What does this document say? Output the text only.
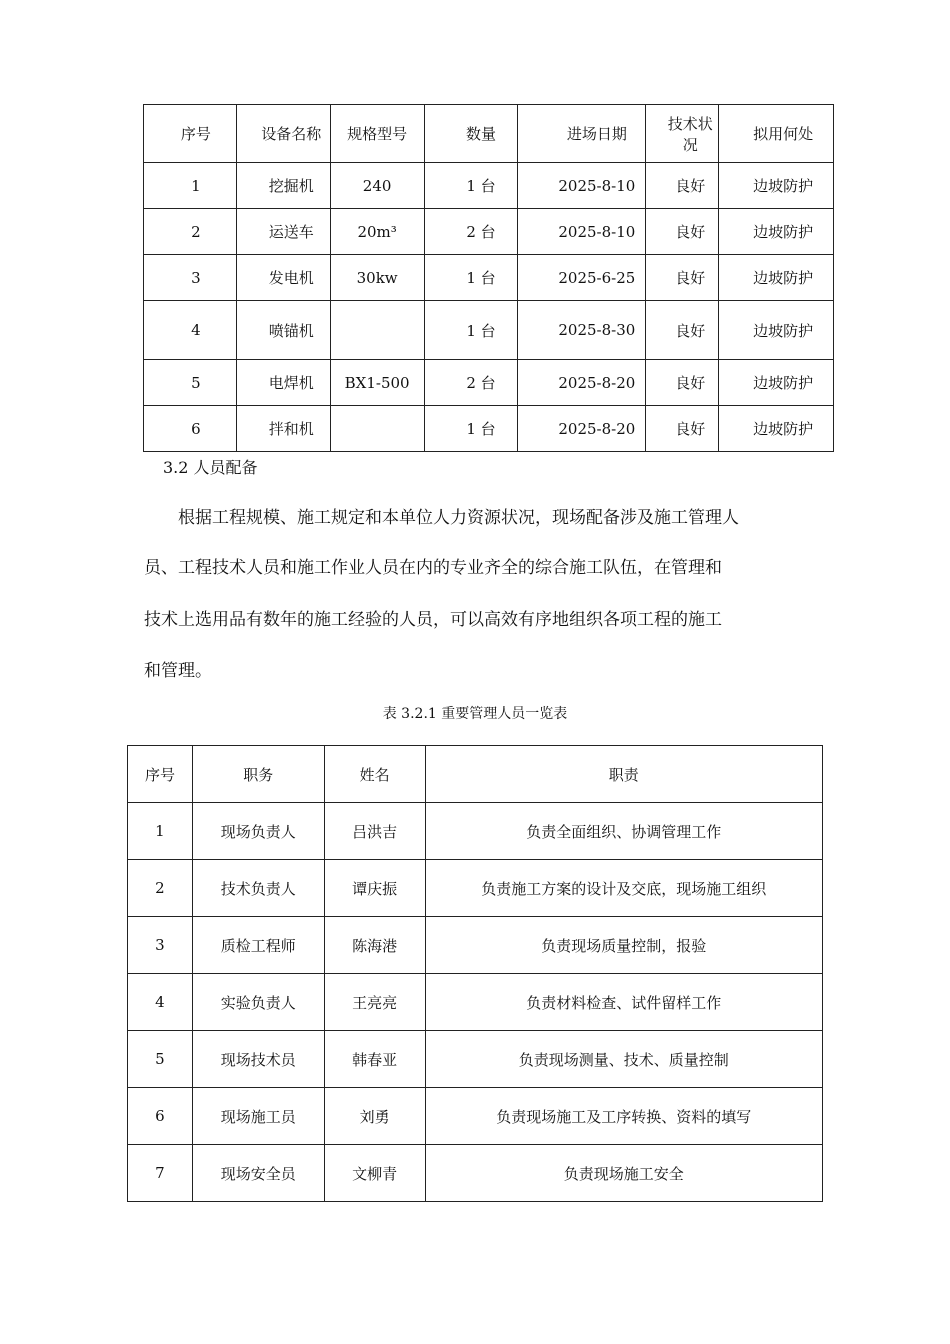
序号	设备名称	规格型号	数量	进场日期	技术状况	拟用何处
1	挖掘机	240	1 台	2025-8-10	良好	边坡防护
2	运送车	20m³	2 台	2025-8-10	良好	边坡防护
3	发电机	30kw	1 台	2025-6-25	良好	边坡防护
4	喷锚机		1 台	2025-8-30	良好	边坡防护
5	电焊机	BX1-500	2 台	2025-8-20	良好	边坡防护
6	拌和机		1 台	2025-8-20	良好	边坡防护
3.2 人员配备
　　根据工程规模、施工规定和本单位人力资源状况，现场配备涉及施工管理人
员、工程技术人员和施工作业人员在内的专业齐全的综合施工队伍，在管理和
技术上选用品有数年的施工经验的人员，可以高效有序地组织各项工程的施工
和管理。
表 3.2.1 重要管理人员一览表
序号	职务	姓名	职责
1	现场负责人	吕洪吉	负责全面组织、协调管理工作
2	技术负责人	谭庆振	负责施工方案的设计及交底，现场施工组织
3	质检工程师	陈海港	负责现场质量控制，报验
4	实验负责人	王亮亮	负责材料检查、试件留样工作
5	现场技术员	韩春亚	负责现场测量、技术、质量控制
6	现场施工员	刘勇	负责现场施工及工序转换、资料的填写
7	现场安全员	文柳青	负责现场施工安全
